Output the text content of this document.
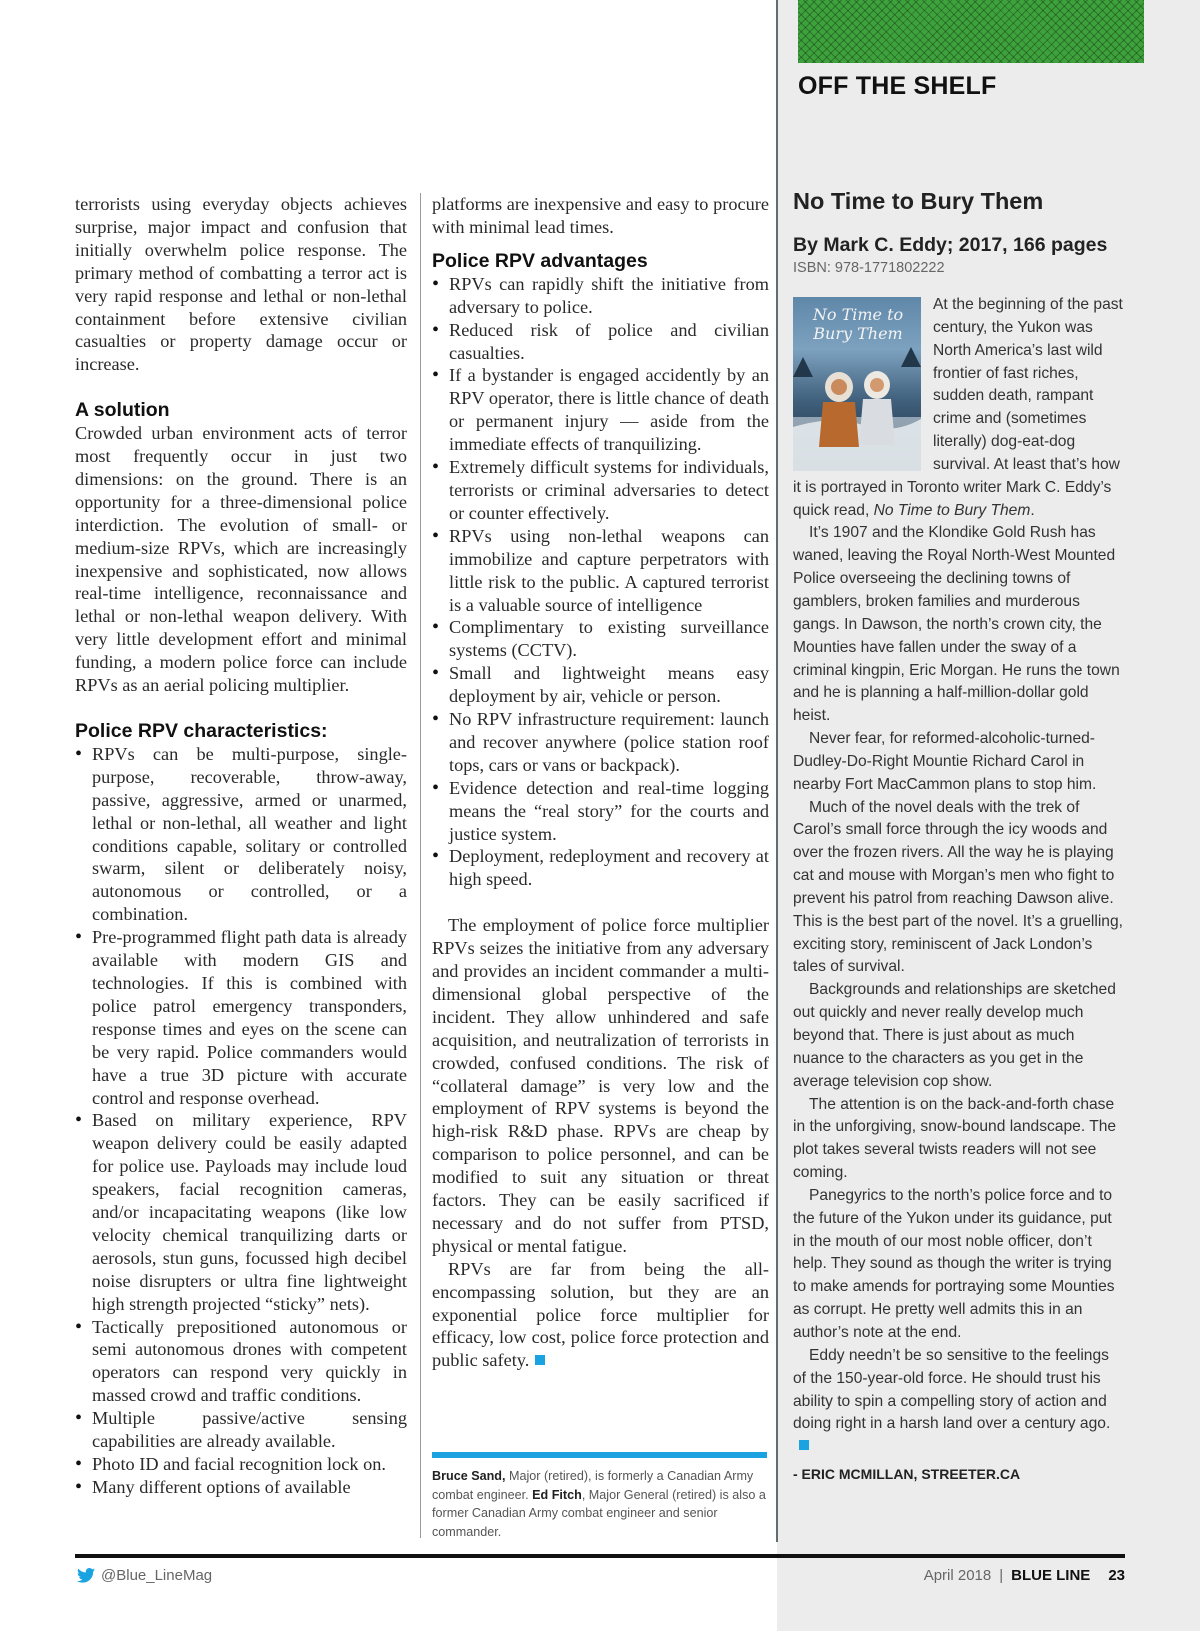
OFF THE SHELF

terrorists using everyday objects achieves surprise, major impact and confusion that initially overwhelm police response. The primary method of combatting a terror act is very rapid response and lethal or non-lethal containment before extensive civilian casualties or property damage occur or increase.

A solution

Crowded urban environment acts of terror most frequently occur in just two dimensions: on the ground. There is an opportunity for a three-dimensional police interdiction. The evolution of small- or medium-size RPVs, which are increasingly inexpensive and sophisticated, now allows real-time intelligence, reconnaissance and lethal or non-lethal weapon delivery. With very little development effort and minimal funding, a modern police force can include RPVs as an aerial policing multiplier.

Police RPV characteristics:
• RPVs can be multi-purpose, single-purpose, recoverable, throw-away, passive, aggressive, armed or unarmed, lethal or non-lethal, all weather and light conditions capable, solitary or controlled swarm, silent or deliberately noisy, autonomous or controlled, or a combination.
• Pre-programmed flight path data is already available with modern GIS and technologies. If this is combined with police patrol emergency transponders, response times and eyes on the scene can be very rapid. Police commanders would have a true 3D picture with accurate control and response overhead.
• Based on military experience, RPV weapon delivery could be easily adapted for police use. Payloads may include loud speakers, facial recognition cameras, and/or incapacitating weapons (like low velocity chemical tranquilizing darts or aerosols, stun guns, focussed high decibel noise disrupters or ultra fine lightweight high strength projected “sticky” nets).
• Tactically prepositioned autonomous or semi autonomous drones with competent operators can respond very quickly in massed crowd and traffic conditions.
• Multiple passive/active sensing capabilities are already available.
• Photo ID and facial recognition lock on.
• Many different options of available

platforms are inexpensive and easy to procure with minimal lead times.

Police RPV advantages
• RPVs can rapidly shift the initiative from adversary to police.
• Reduced risk of police and civilian casualties.
• If a bystander is engaged accidently by an RPV operator, there is little chance of death or permanent injury — aside from the immediate effects of tranquilizing.
• Extremely difficult systems for individuals, terrorists or criminal adversaries to detect or counter effectively.
• RPVs using non-lethal weapons can immobilize and capture perpetrators with little risk to the public. A captured terrorist is a valuable source of intelligence
• Complimentary to existing surveillance systems (CCTV).
• Small and lightweight means easy deployment by air, vehicle or person.
• No RPV infrastructure requirement: launch and recover anywhere (police station roof tops, cars or vans or backpack).
• Evidence detection and real-time logging means the “real story” for the courts and justice system.
• Deployment, redeployment and recovery at high speed.

The employment of police force multiplier RPVs seizes the initiative from any adversary and provides an incident commander a multi-dimensional global perspective of the incident. They allow unhindered and safe acquisition, and neutralization of terrorists in crowded, confused conditions. The risk of “collateral damage” is very low and the employment of RPV systems is beyond the high-risk R&D phase. RPVs are cheap by comparison to police personnel, and can be modified to suit any situation or threat factors. They can be easily sacrificed if necessary and do not suffer from PTSD, physical or mental fatigue.

RPVs are far from being the all-encompassing solution, but they are an exponential police force multiplier for efficacy, low cost, police force protection and public safety.

Bruce Sand, Major (retired), is formerly a Canadian Army combat engineer. Ed Fitch, Major General (retired) is also a former Canadian Army combat engineer and senior commander.
No Time to Bury Them
By Mark C. Eddy; 2017, 166 pages
ISBN: 978-1771802222
No Time to Bury Them

At the beginning of the past century, the Yukon was North America’s last wild frontier of fast riches, sudden death, rampant crime and (sometimes literally) dog-eat-dog survival. At least that’s how it is portrayed in Toronto writer Mark C. Eddy’s quick read, No Time to Bury Them.

It’s 1907 and the Klondike Gold Rush has waned, leaving the Royal North-West Mounted Police overseeing the declining towns of gamblers, broken families and murderous gangs. In Dawson, the north’s crown city, the Mounties have fallen under the sway of a criminal kingpin, Eric Morgan. He runs the town and he is planning a half-million-dollar gold heist.

Never fear, for reformed-alcoholic-turned-Dudley-Do-Right Mountie Richard Carol in nearby Fort MacCammon plans to stop him.

Much of the novel deals with the trek of Carol’s small force through the icy woods and over the frozen rivers. All the way he is playing cat and mouse with Morgan’s men who fight to prevent his patrol from reaching Dawson alive. This is the best part of the novel. It’s a gruelling, exciting story, reminiscent of Jack London’s tales of survival.

Backgrounds and relationships are sketched out quickly and never really develop much beyond that. There is just about as much nuance to the characters as you get in the average television cop show.

The attention is on the back-and-forth chase in the unforgiving, snow-bound landscape. The plot takes several twists readers will not see coming.

Panegyrics to the north’s police force and to the future of the Yukon under its guidance, put in the mouth of our most noble officer, don’t help. They sound as though the writer is trying to make amends for portraying some Mounties as corrupt. He pretty well admits this in an author’s note at the end.

Eddy needn’t be so sensitive to the feelings of the 150-year-old force. He should trust his ability to spin a compelling story of action and doing right in a harsh land over a century ago.

- ERIC MCMILLAN, STREETER.CA
@Blue_LineMag	April 2018 | BLUE LINE 23
